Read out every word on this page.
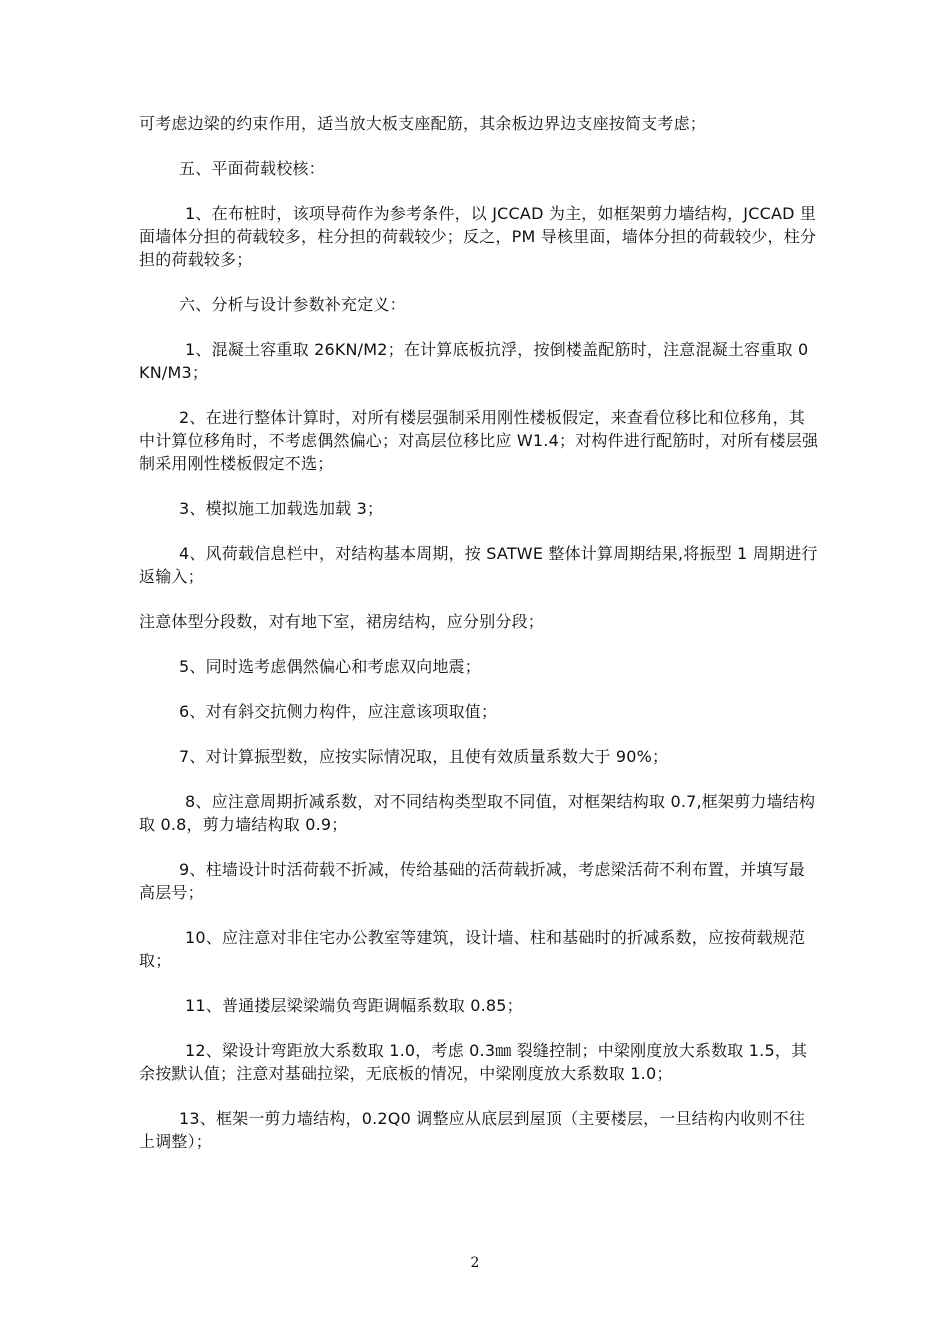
可考虑边梁的约束作用，适当放大板支座配筋，其余板边界边支座按简支考虑；

五、平面荷载校核：

1、在布桩时，该项导荷作为参考条件，以 JCCAD 为主，如框架剪力墙结构，JCCAD 里面墙体分担的荷载较多，柱分担的荷载较少；反之，PM 导核里面，墙体分担的荷载较少，柱分担的荷载较多；

六、分析与设计参数补充定义：

1、混凝土容重取 26KN/M2；在计算底板抗浮，按倒楼盖配筋时，注意混凝土容重取 0KN/M3；

2、在进行整体计算时，对所有楼层强制采用刚性楼板假定，来查看位移比和位移角，其中计算位移角时，不考虑偶然偏心；对高层位移比应 W1.4；对构件进行配筋时，对所有楼层强制采用刚性楼板假定不选；

3、模拟施工加载选加载 3；

4、风荷载信息栏中，对结构基本周期，按 SATWE 整体计算周期结果,将振型 1 周期进行返输入；

注意体型分段数，对有地下室，裙房结构，应分别分段；

5、同时选考虑偶然偏心和考虑双向地震；

6、对有斜交抗侧力构件，应注意该项取值；

7、对计算振型数，应按实际情况取，且使有效质量系数大于 90%；

8、应注意周期折减系数，对不同结构类型取不同值，对框架结构取 0.7,框架剪力墙结构取 0.8，剪力墙结构取 0.9；

9、柱墙设计时活荷载不折减，传给基础的活荷载折减，考虑梁活荷不利布置，并填写最高层号；

10、应注意对非住宅办公教室等建筑，设计墙、柱和基础时的折减系数，应按荷载规范取；

11、普通搂层梁梁端负弯距调幅系数取 0.85；

12、梁设计弯距放大系数取 1.0，考虑 0.3㎜ 裂缝控制；中梁刚度放大系数取 1.5，其余按默认值；注意对基础拉梁，无底板的情况，中梁刚度放大系数取 1.0；

13、框架一剪力墙结构，0.2Q0 调整应从底层到屋顶（主要楼层，一旦结构内收则不往上调整）；

2
